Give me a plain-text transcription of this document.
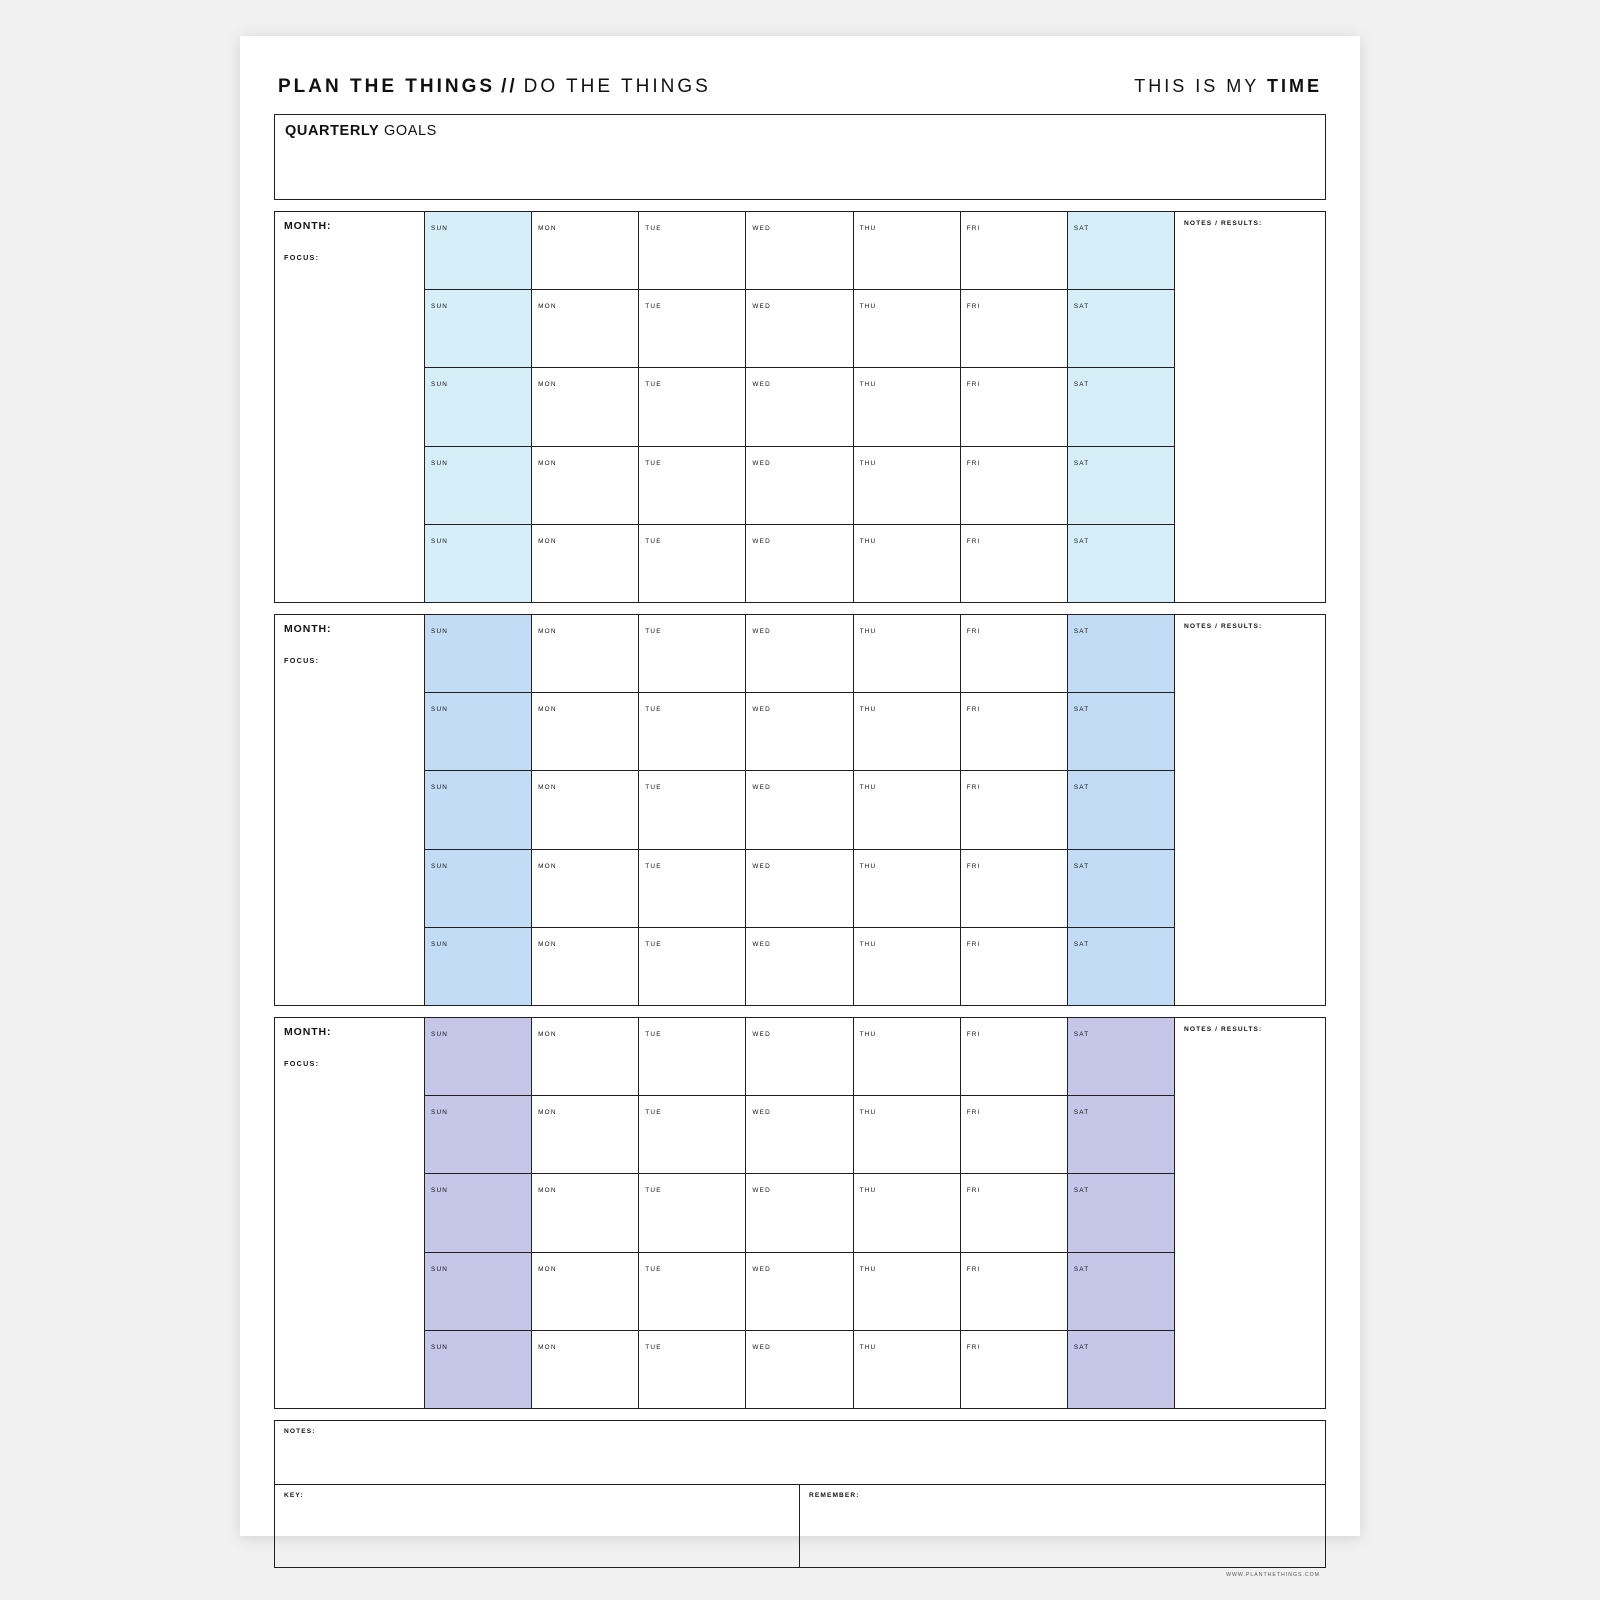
PLAN THE THINGS // DO THE THINGS	THIS IS MY TIME
QUARTERLY GOALS
MONTH:
FOCUS:
SUN	MON	TUE	WED	THU	FRI	SAT
SUN	MON	TUE	WED	THU	FRI	SAT
SUN	MON	TUE	WED	THU	FRI	SAT
SUN	MON	TUE	WED	THU	FRI	SAT
SUN	MON	TUE	WED	THU	FRI	SAT
NOTES / RESULTS:
MONTH:
FOCUS:
SUN	MON	TUE	WED	THU	FRI	SAT
SUN	MON	TUE	WED	THU	FRI	SAT
SUN	MON	TUE	WED	THU	FRI	SAT
SUN	MON	TUE	WED	THU	FRI	SAT
SUN	MON	TUE	WED	THU	FRI	SAT
NOTES / RESULTS:
MONTH:
FOCUS:
SUN	MON	TUE	WED	THU	FRI	SAT
SUN	MON	TUE	WED	THU	FRI	SAT
SUN	MON	TUE	WED	THU	FRI	SAT
SUN	MON	TUE	WED	THU	FRI	SAT
SUN	MON	TUE	WED	THU	FRI	SAT
NOTES / RESULTS:
NOTES:
KEY:	REMEMBER:
WWW.PLANTHETHINGS.COM
